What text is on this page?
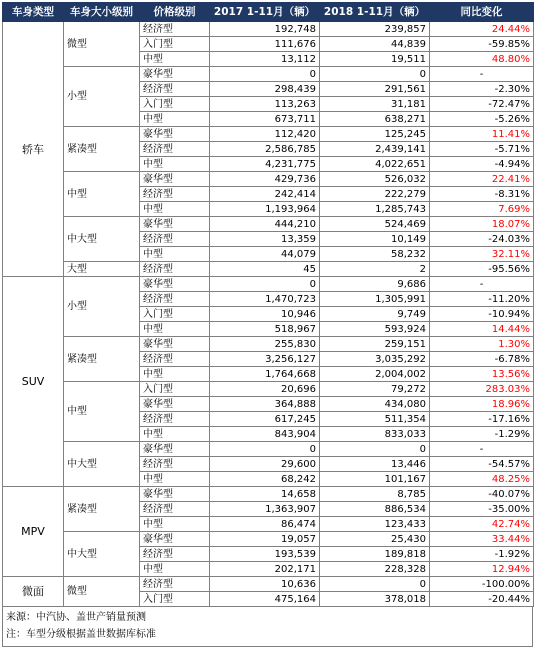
车身类型	车身大小级别	价格级别	2017 1-11月（辆）	2018 1-11月（辆）	同比变化
轿车	微型	经济型	192,748	239,857	24.44%
		入门型	111,676	44,839	-59.85%
		中型	13,112	19,511	48.80%
	小型	豪华型	0	0	-
		经济型	298,439	291,561	-2.30%
		入门型	113,263	31,181	-72.47%
		中型	673,711	638,271	-5.26%
	紧凑型	豪华型	112,420	125,245	11.41%
		经济型	2,586,785	2,439,141	-5.71%
		中型	4,231,775	4,022,651	-4.94%
	中型	豪华型	429,736	526,032	22.41%
		经济型	242,414	222,279	-8.31%
		中型	1,193,964	1,285,743	7.69%
	中大型	豪华型	444,210	524,469	18.07%
		经济型	13,359	10,149	-24.03%
		中型	44,079	58,232	32.11%
	大型	经济型	45	2	-95.56%
SUV	小型	豪华型	0	9,686	-
		经济型	1,470,723	1,305,991	-11.20%
		入门型	10,946	9,749	-10.94%
		中型	518,967	593,924	14.44%
	紧凑型	豪华型	255,830	259,151	1.30%
		经济型	3,256,127	3,035,292	-6.78%
		中型	1,764,668	2,004,002	13.56%
	中型	入门型	20,696	79,272	283.03%
		豪华型	364,888	434,080	18.96%
		经济型	617,245	511,354	-17.16%
		中型	843,904	833,033	-1.29%
	中大型	豪华型	0	0	-
		经济型	29,600	13,446	-54.57%
		中型	68,242	101,167	48.25%
MPV	紧凑型	豪华型	14,658	8,785	-40.07%
		经济型	1,363,907	886,534	-35.00%
		中型	86,474	123,433	42.74%
	中大型	豪华型	19,057	25,430	33.44%
		经济型	193,539	189,818	-1.92%
		中型	202,171	228,328	12.94%
微面	微型	经济型	10,636	0	-100.00%
		入门型	475,164	378,018	-20.44%
来源：中汽协、盖世产销量预测
注：车型分级根据盖世数据库标准
